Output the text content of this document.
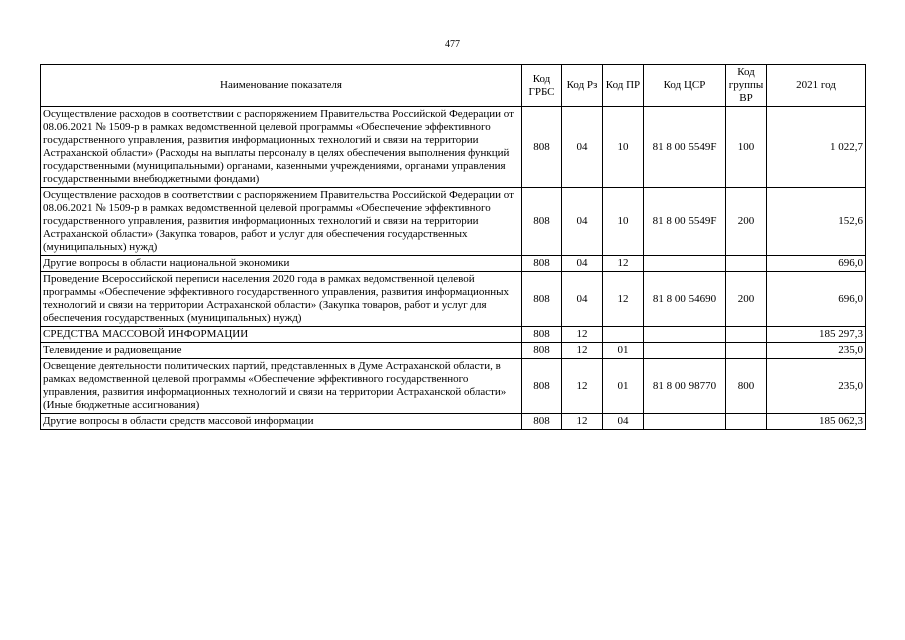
477
Наименование показателя	Код ГРБС	Код Рз	Код ПР	Код ЦСР	Код группы ВР	2021 год
Осуществление расходов в соответствии с распоряжением Правительства Российской Федерации от 08.06.2021 № 1509-р в рамках ведомственной целевой программы «Обеспечение эффективного государственного управления, развития информационных технологий и связи на территории Астраханской области» (Расходы на выплаты персоналу в целях обеспечения выполнения функций государственными (муниципальными) органами, казенными учреждениями, органами управления государственными внебюджетными фондами)	808	04	10	81 8 00 5549F	100	1 022,7
Осуществление расходов в соответствии с распоряжением Правительства Российской Федерации от 08.06.2021 № 1509-р в рамках ведомственной целевой программы «Обеспечение эффективного государственного управления, развития информационных технологий и связи на территории Астраханской области» (Закупка товаров, работ и услуг для обеспечения государственных (муниципальных) нужд)	808	04	10	81 8 00 5549F	200	152,6
Другие вопросы в области национальной экономики	808	04	12			696,0
Проведение Всероссийской переписи населения 2020 года в рамках ведомственной целевой программы «Обеспечение эффективного государственного управления, развития информационных технологий и связи на территории Астраханской области» (Закупка товаров, работ и услуг для обеспечения государственных (муниципальных) нужд)	808	04	12	81 8 00 54690	200	696,0
СРЕДСТВА МАССОВОЙ ИНФОРМАЦИИ	808	12				185 297,3
Телевидение и радиовещание	808	12	01			235,0
Освещение деятельности политических партий, представленных в Думе Астраханской области, в рамках ведомственной целевой программы «Обеспечение эффективного государственного управления, развития информационных технологий и связи на территории Астраханской области» (Иные бюджетные ассигнования)	808	12	01	81 8 00 98770	800	235,0
Другие вопросы в области средств массовой информации	808	12	04			185 062,3
